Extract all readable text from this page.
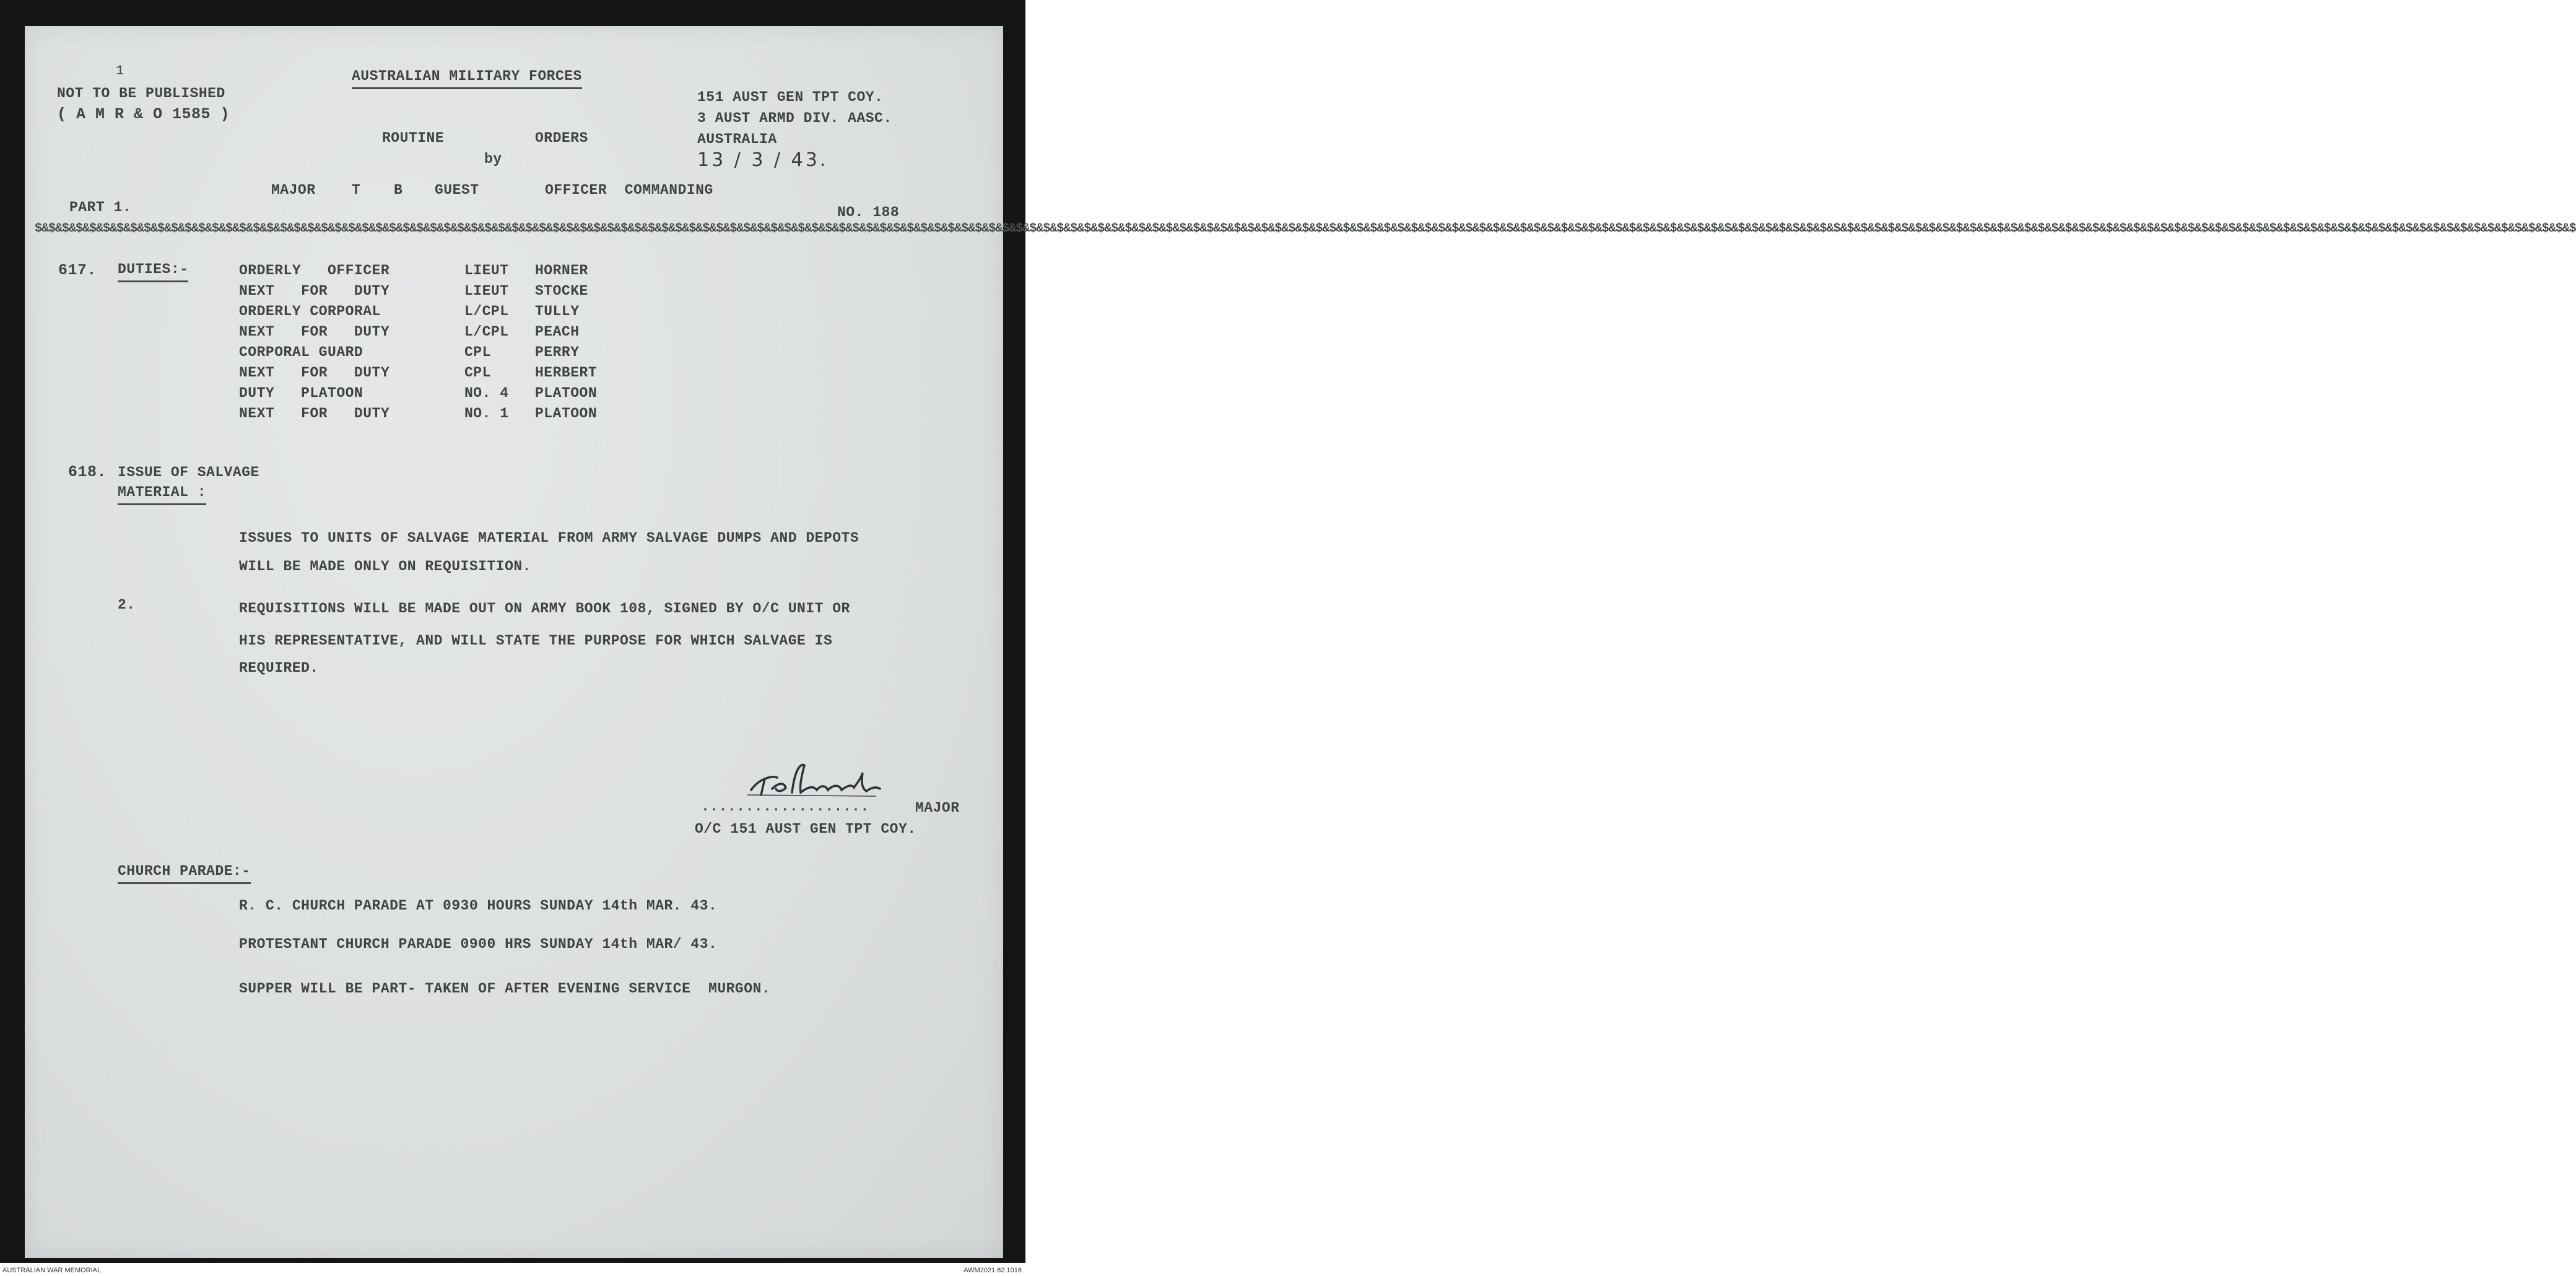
1
NOT TO BE PUBLISHED
( A M R & O 1585 )
AUSTRALIAN MILITARY FORCES
151 AUST GEN TPT COY.
3 AUST ARMD DIV. AASC.
AUSTRALIA
13 / 3 / 43.
ROUTINE	ORDERS
by
MAJOR	T B GUEST	OFFICER  COMMANDING
PART 1.	NO. 188
$&$&$&$&$&$&$&$&$&$&$&$&$&$&$&$&$&$&$&$&$&$&$&$&$&$&$&$&$&$&$&$&$&$&$&$&$&$&$&$&$&$&$&$&$&$&$&$&$&$&$&$&$&$&$&$&$&$&$&$&$&$&$&$&$&$&$&$&$&$&$&$&$&$&$&$&$&$&$&$&$&$&$&$&$&$&$&$&$&$&$&$&$&$&$&$&$&$&$&$&$&$&$&$&$&$&$&$&$&$&$&$&$&$&$&$&$&$&$&$&$&$&$&$&$&$&$&$&$&$&$&$&$&$&$&$&$&$&$&$&$&$&$&$&$&$&$&$&$&$&$&$&$&$&$&$&$&$&$&$&$&$&$&$&$&$&$&$&$&$&$&$&$&$&$&$&$&$&$&$&$&$&$&$&$&$&$
617. DUTIES:-	ORDERLY   OFFICER	LIEUT HORNER
NEXT   FOR   DUTY	LIEUT STOCKE
ORDERLY CORPORAL	L/CPL TULLY
NEXT   FOR   DUTY	L/CPL PEACH
CORPORAL GUARD	CPL	PERRY
NEXT   FOR   DUTY	CPL	HERBERT
DUTY   PLATOON	NO. 4 PLATOON
NEXT   FOR   DUTY	NO. 1 PLATOON
618. ISSUE OF SALVAGE
MATERIAL :
ISSUES TO UNITS OF SALVAGE MATERIAL FROM ARMY SALVAGE DUMPS AND DEPOTS
WILL BE MADE ONLY ON REQUISITION.
2.	REQUISITIONS WILL BE MADE OUT ON ARMY BOOK 108, SIGNED BY O/C UNIT OR
HIS REPRESENTATIVE, AND WILL STATE THE PURPOSE FOR WHICH SALVAGE IS
REQUIRED.
...................	MAJOR
O/C 151 AUST GEN TPT COY.
CHURCH PARADE:-
R. C. CHURCH PARADE AT 0930 HOURS SUNDAY 14th MAR. 43.
PROTESTANT CHURCH PARADE 0900 HRS SUNDAY 14th MAR/ 43.
SUPPER WILL BE PART- TAKEN OF AFTER EVENING SERVICE  MURGON.
AUSTRALIAN WAR MEMORIAL	AWM2021.62.1016
